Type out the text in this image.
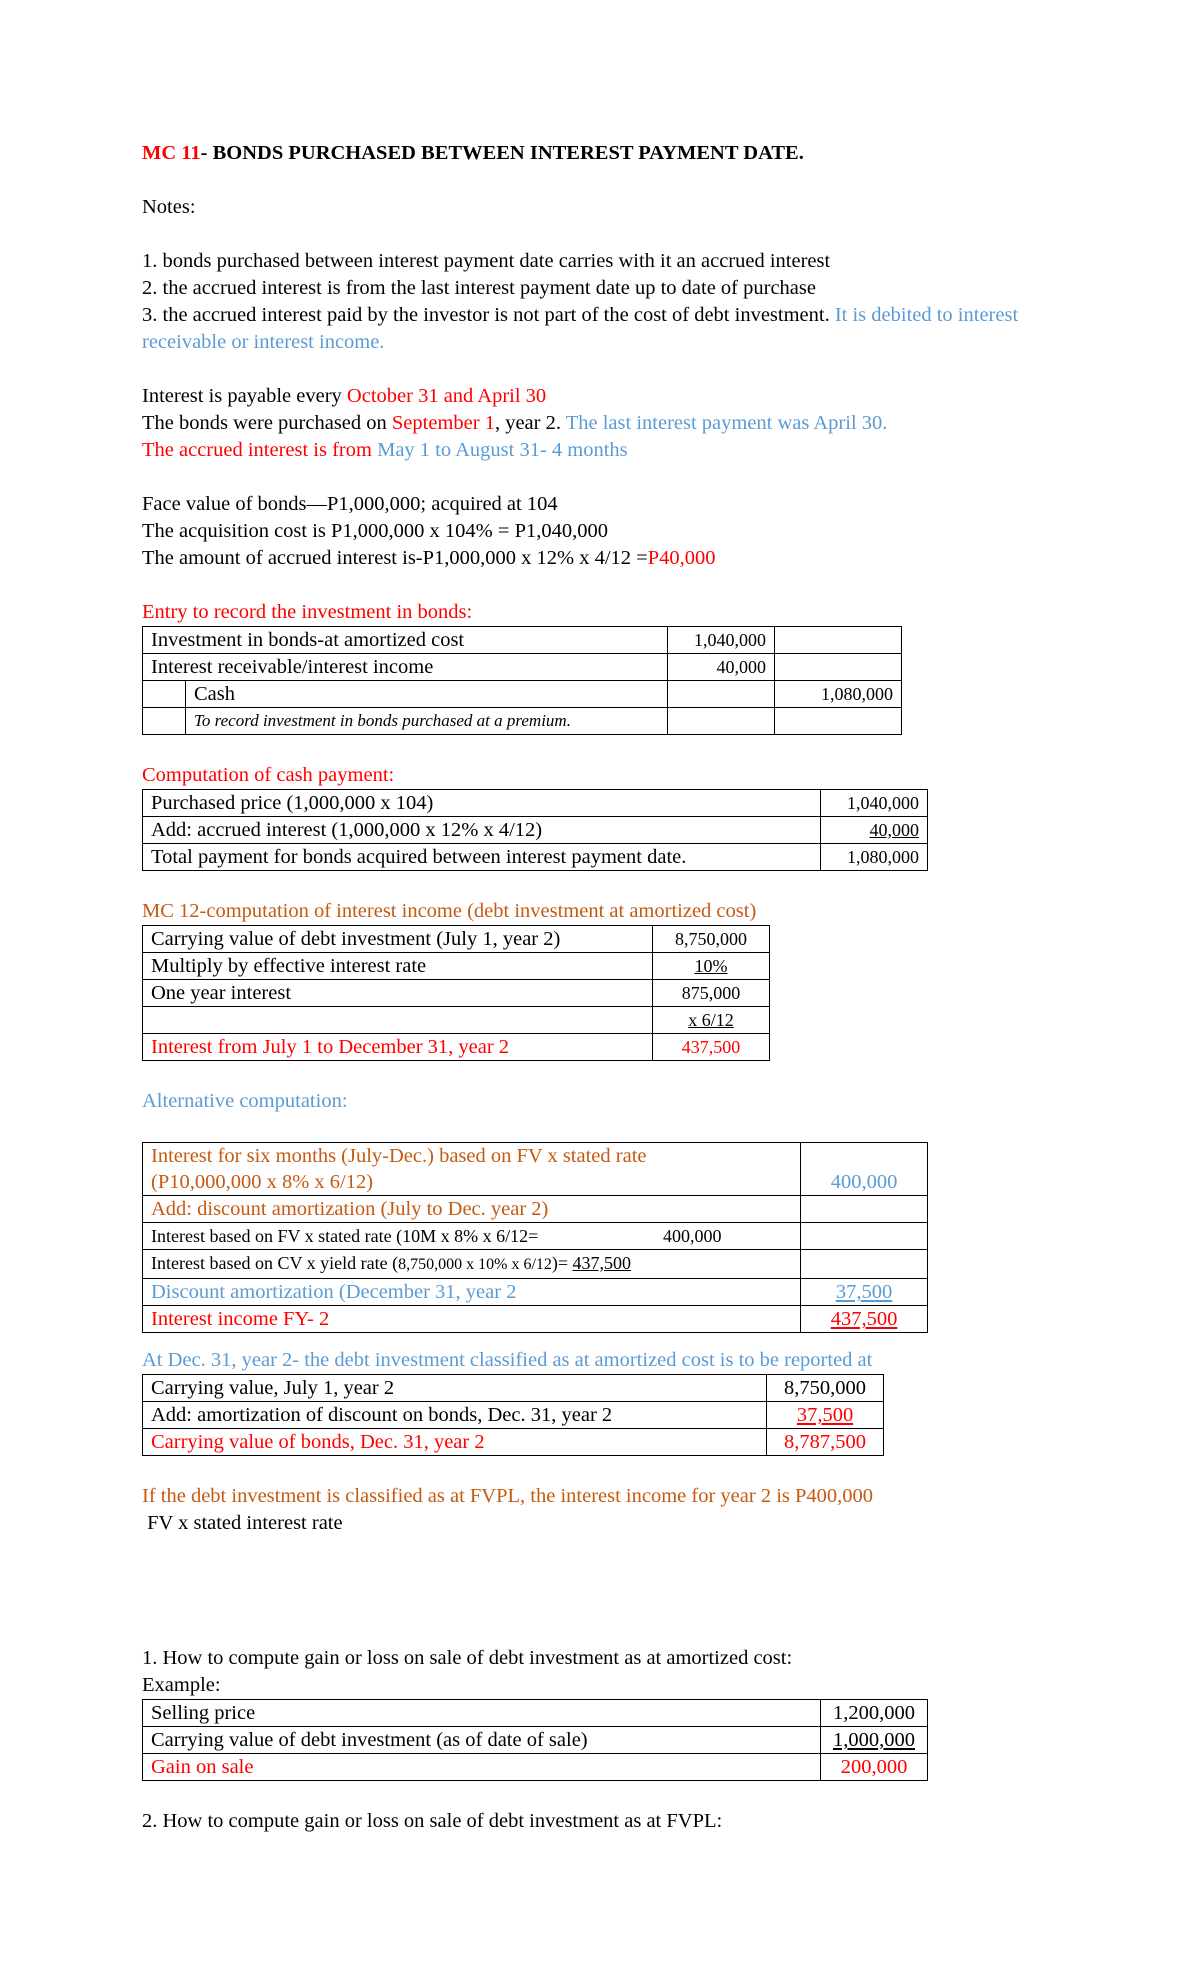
MC 11- BONDS PURCHASED BETWEEN INTEREST PAYMENT DATE.

Notes:

1. bonds purchased between interest payment date carries with it an accrued interest

2. the accrued interest is from the last interest payment date up to date of purchase

3. the accrued interest paid by the investor is not part of the cost of debt investment. It is debited to interest receivable or interest income.

Interest is payable every October 31 and April 30

The bonds were purchased on September 1, year 2. The last interest payment was April 30.

The accrued interest is from May 1 to August 31- 4 months

Face value of bonds—P1,000,000; acquired at 104

The acquisition cost is P1,000,000 x 104% = P1,040,000

The amount of accrued interest is-P1,000,000 x 12% x 4/12 =P40,000

Entry to record the investment in bonds:

Investment in bonds-at amortized cost		1,040,000	
Interest receivable/interest income		40,000	
	Cash		1,080,000
	To record investment in bonds purchased at a premium.		

Computation of cash payment:

Purchased price (1,000,000 x 104)	1,040,000
Add: accrued interest (1,000,000 x 12% x 4/12)	40,000
Total payment for bonds acquired between interest payment date.	1,080,000

MC 12-computation of interest income (debt investment at amortized cost)

Carrying value of debt investment (July 1, year 2)	8,750,000
Multiply by effective interest rate	10%
One year interest	875,000
	x 6/12
Interest from July 1 to December 31, year 2	437,500

Alternative computation:

Interest for six months (July-Dec.) based on FV x stated rate	
(P10,000,000 x 8% x 6/12)	400,000
Add: discount amortization (July to Dec. year 2)	
Interest based on FV x stated rate (10M x 8% x 6/12= 400,000	

Interest based on CV x yield rate (8,750,000 x 10% x 6/12)= 437,500	
Discount amortization (December 31, year 2	37,500
Interest income FY- 2	437,500

At Dec. 31, year 2- the debt investment classified as at amortized cost is to be reported at

Carrying value, July 1, year 2	8,750,000
Add: amortization of discount on bonds, Dec. 31, year 2	37,500
Carrying value of bonds, Dec. 31, year 2	8,787,500

If the debt investment is classified as at FVPL, the interest income for year 2 is P400,000

FV x stated interest rate

1. How to compute gain or loss on sale of debt investment as at amortized cost:

Example:

Selling price	1,200,000
Carrying value of debt investment (as of date of sale)	1,000,000
Gain on sale	200,000

2. How to compute gain or loss on sale of debt investment as at FVPL:
